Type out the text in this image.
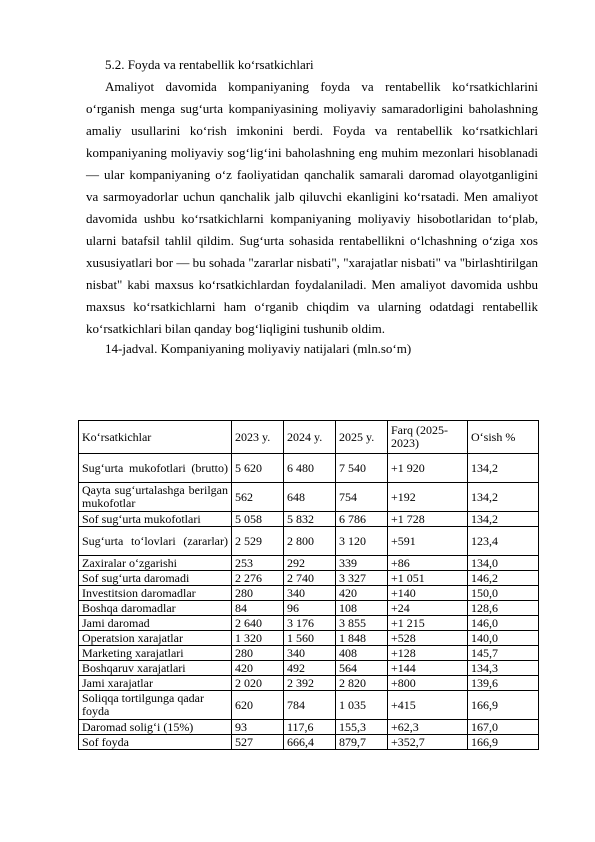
5.2. Foyda va rentabellik ko‘rsatkichlari

Amaliyot davomida kompaniyaning foyda va rentabellik ko‘rsatkichlarini o‘rganish menga sug‘urta kompaniyasining moliyaviy samaradorligini baholashning amaliy usullarini ko‘rish imkonini berdi. Foyda va rentabellik ko‘rsatkichlari kompaniyaning moliyaviy sog‘lig‘ini baholashning eng muhim mezonlari hisoblanadi — ular kompaniyaning o‘z faoliyatidan qanchalik samarali daromad olayotganligini va sarmoyadorlar uchun qanchalik jalb qiluvchi ekanligini ko‘rsatadi. Men amaliyot davomida ushbu ko‘rsatkichlarni kompaniyaning moliyaviy hisobotlaridan to‘plab, ularni batafsil tahlil qildim. Sug‘urta sohasida rentabellikni o‘lchashning o‘ziga xos xususiyatlari bor — bu sohada "zararlar nisbati", "xarajatlar nisbati" va "birlashtirilgan nisbat" kabi maxsus ko‘rsatkichlardan foydalaniladi. Men amaliyot davomida ushbu maxsus ko‘rsatkichlarni ham o‘rganib chiqdim va ularning odatdagi rentabellik ko‘rsatkichlari bilan qanday bog‘liqligini tushunib oldim.

14-jadval. Kompaniyaning moliyaviy natijalari (mln.so‘m)

Ko‘rsatkichlar	2023 y.	2024 y.	2025 y.	Farq (2025-2023)	O‘sish %
Sug‘urta mukofotlari (brutto)	5 620	6 480	7 540	+1 920	134,2
Qayta sug‘urtalashga berilgan mukofotlar	562	648	754	+192	134,2
Sof sug‘urta mukofotlari	5 058	5 832	6 786	+1 728	134,2
Sug‘urta to‘lovlari (zararlar)	2 529	2 800	3 120	+591	123,4
Zaxiralar o‘zgarishi	253	292	339	+86	134,0
Sof sug‘urta daromadi	2 276	2 740	3 327	+1 051	146,2
Investitsion daromadlar	280	340	420	+140	150,0
Boshqa daromadlar	84	96	108	+24	128,6
Jami daromad	2 640	3 176	3 855	+1 215	146,0
Operatsion xarajatlar	1 320	1 560	1 848	+528	140,0
Marketing xarajatlari	280	340	408	+128	145,7
Boshqaruv xarajatlari	420	492	564	+144	134,3
Jami xarajatlar	2 020	2 392	2 820	+800	139,6
Soliqqa tortilgunga qadar foyda	620	784	1 035	+415	166,9
Daromad solig‘i (15%)	93	117,6	155,3	+62,3	167,0
Sof foyda	527	666,4	879,7	+352,7	166,9
